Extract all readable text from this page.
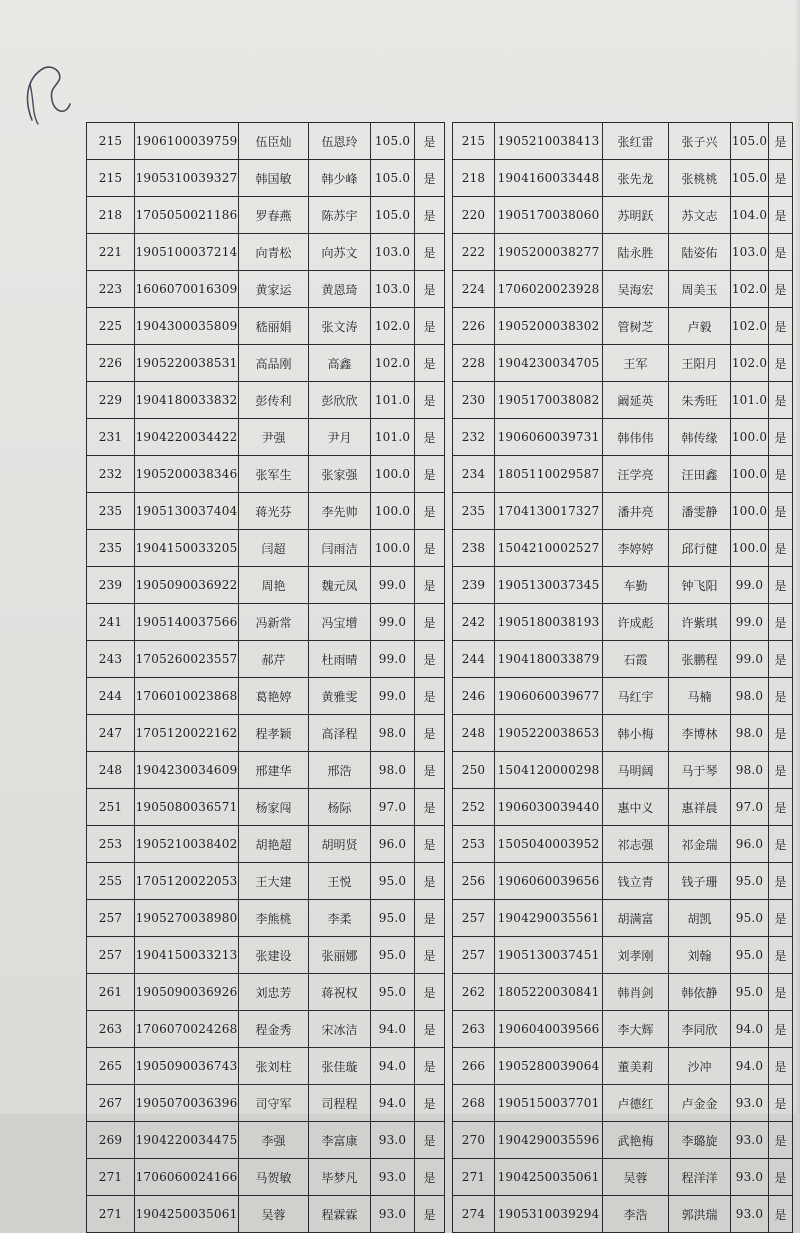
215	1906100039759	伍臣灿	伍恩玲	105.0	是
215	1905310039327	韩国敏	韩少峰	105.0	是
218	1705050021186	罗春燕	陈苏宇	105.0	是
221	1905100037214	向青松	向苏文	103.0	是
223	1606070016309	黄家运	黄恩琦	103.0	是
225	1904300035809	嵇丽娟	张文涛	102.0	是
226	1905220038531	高品刚	高鑫	102.0	是
229	1904180033832	彭传利	彭欣欣	101.0	是
231	1904220034422	尹强	尹月	101.0	是
232	1905200038346	张军生	张家强	100.0	是
235	1905130037404	蒋光芬	李先帅	100.0	是
235	1904150033205	闫超	闫雨洁	100.0	是
239	1905090036922	周艳	魏元凤	99.0	是
241	1905140037566	冯新常	冯宝增	99.0	是
243	1705260023557	郝芹	杜雨晴	99.0	是
244	1706010023868	葛艳婷	黄雅雯	99.0	是
247	1705120022162	程孝颖	高泽程	98.0	是
248	1904230034609	邢建华	邢浩	98.0	是
251	1905080036571	杨家闯	杨际	97.0	是
253	1905210038402	胡艳超	胡明贤	96.0	是
255	1705120022053	王大建	王悦	95.0	是
257	1905270038980	李熊桃	李柔	95.0	是
257	1904150033213	张建设	张丽娜	95.0	是
261	1905090036926	刘忠芳	蒋祝权	95.0	是
263	1706070024268	程金秀	宋冰洁	94.0	是
265	1905090036743	张刘柱	张佳璇	94.0	是
267	1905070036396	司守军	司程程	94.0	是
269	1904220034475	李强	李富康	93.0	是
271	1706060024166	马贺敏	毕梦凡	93.0	是
271	1904250035061	吴蓉	程霖霖	93.0	是
215	1905210038413	张红雷	张子兴	105.0	是
218	1904160033448	张先龙	张桃桃	105.0	是
220	1905170038060	苏明跃	苏文志	104.0	是
222	1905200038277	陆永胜	陆姿佑	103.0	是
224	1706020023928	吴海宏	周美玉	102.0	是
226	1905200038302	管树芝	卢毅	102.0	是
228	1904230034705	王军	王阳月	102.0	是
230	1905170038082	阚延英	朱秀旺	101.0	是
232	1906060039731	韩伟伟	韩传缘	100.0	是
234	1805110029587	汪学亮	汪田鑫	100.0	是
235	1704130017327	潘井亮	潘雯静	100.0	是
238	1504210002527	李婷婷	邱行健	100.0	是
239	1905130037345	车勤	钟飞阳	99.0	是
242	1905180038193	许成彪	许紫琪	99.0	是
244	1904180033879	石霞	张鹏程	99.0	是
246	1906060039677	马红宇	马楠	98.0	是
248	1905220038653	韩小梅	李博林	98.0	是
250	1504120000298	马明阔	马于琴	98.0	是
252	1906030039440	惠中义	惠祥晨	97.0	是
253	1505040003952	祁志强	祁金瑞	96.0	是
256	1906060039656	钱立青	钱子珊	95.0	是
257	1904290035561	胡满富	胡凯	95.0	是
257	1905130037451	刘孝刚	刘翰	95.0	是
262	1805220030841	韩肖剑	韩依静	95.0	是
263	1906040039566	李大辉	李同欣	94.0	是
266	1905280039064	董美莉	沙冲	94.0	是
268	1905150037701	卢德红	卢金金	93.0	是
270	1904290035596	武艳梅	李璐旋	93.0	是
271	1904250035061	吴蓉	程洋洋	93.0	是
274	1905310039294	李浩	郭洪瑞	93.0	是
